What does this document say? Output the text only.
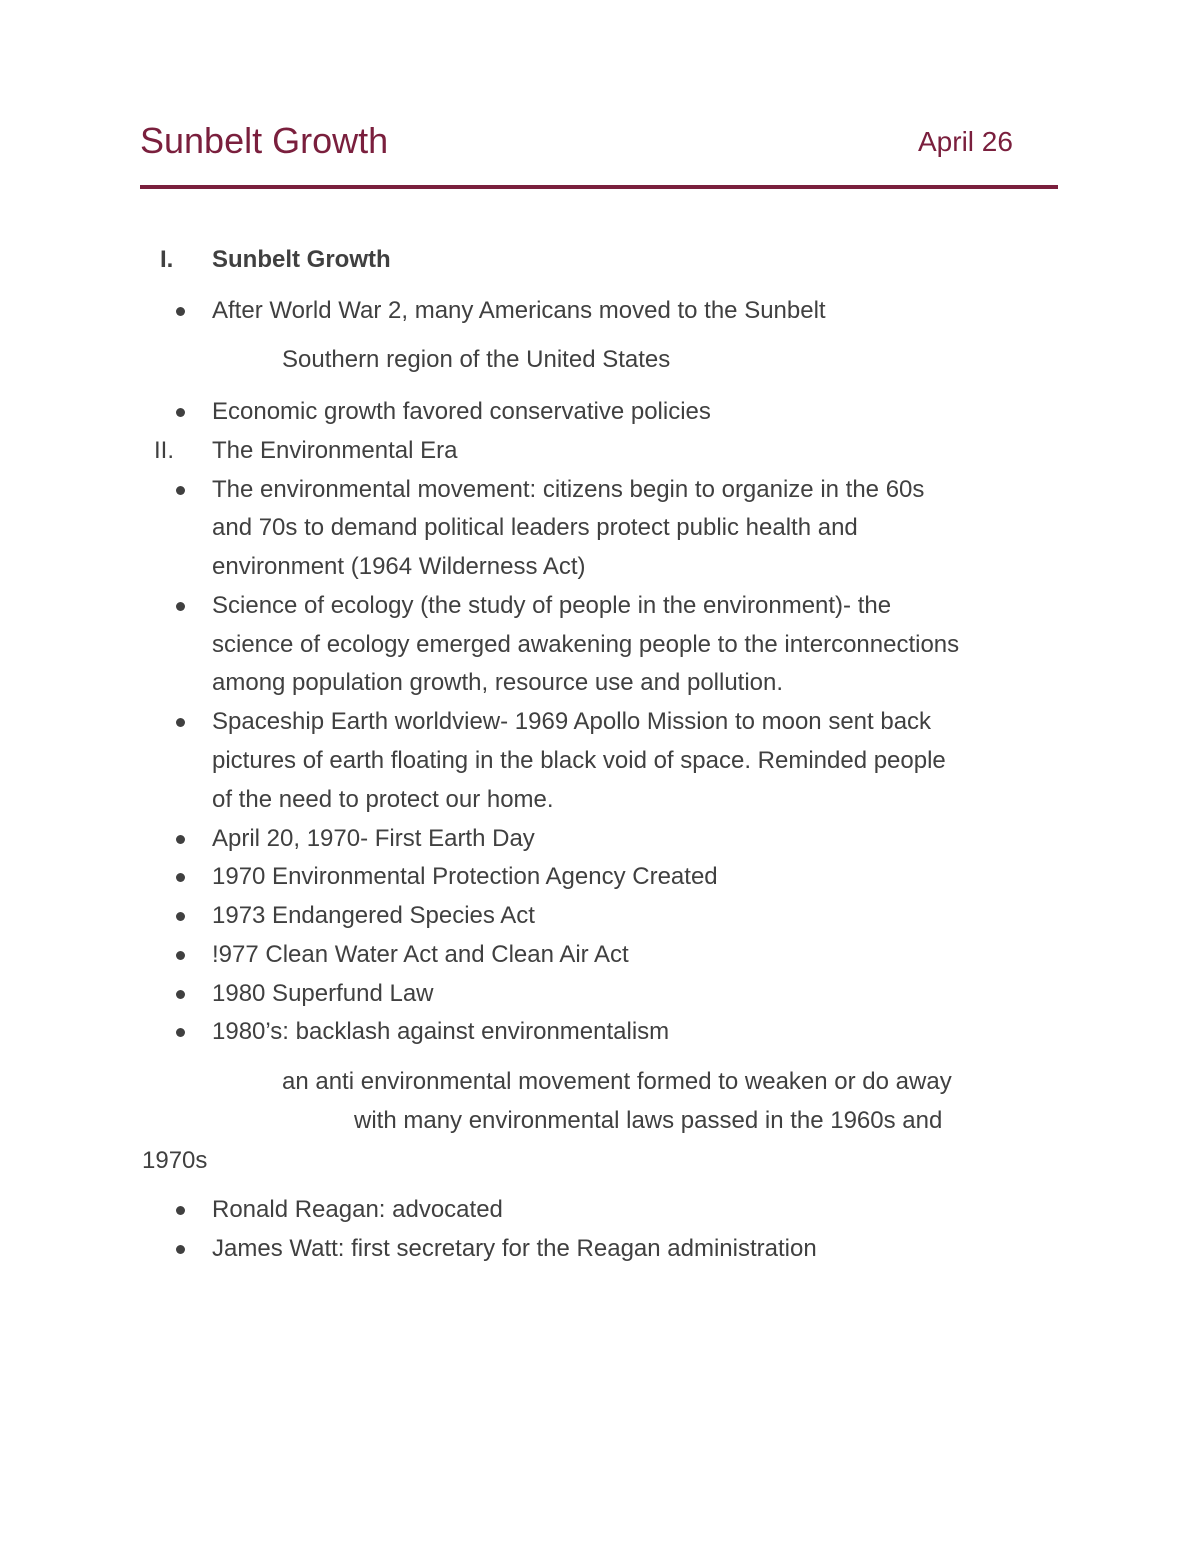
Sunbelt Growth	April 26
I. Sunbelt Growth
After World War 2, many Americans moved to the Sunbelt
Southern region of the United States
Economic growth favored conservative policies
II. The Environmental Era
The environmental movement: citizens begin to organize in the 60s
and 70s to demand political leaders protect public health and
environment (1964 Wilderness Act)
Science of ecology (the study of people in the environment)- the
science of ecology emerged awakening people to the interconnections
among population growth, resource use and pollution.
Spaceship Earth worldview- 1969 Apollo Mission to moon sent back
pictures of earth floating in the black void of space. Reminded people
of the need to protect our home.
April 20, 1970- First Earth Day
1970 Environmental Protection Agency Created
1973 Endangered Species Act
!977 Clean Water Act and Clean Air Act
1980 Superfund Law
1980’s: backlash against environmentalism
an anti environmental movement formed to weaken or do away
with many environmental laws passed in the 1960s and
1970s
Ronald Reagan: advocated
James Watt: first secretary for the Reagan administration
